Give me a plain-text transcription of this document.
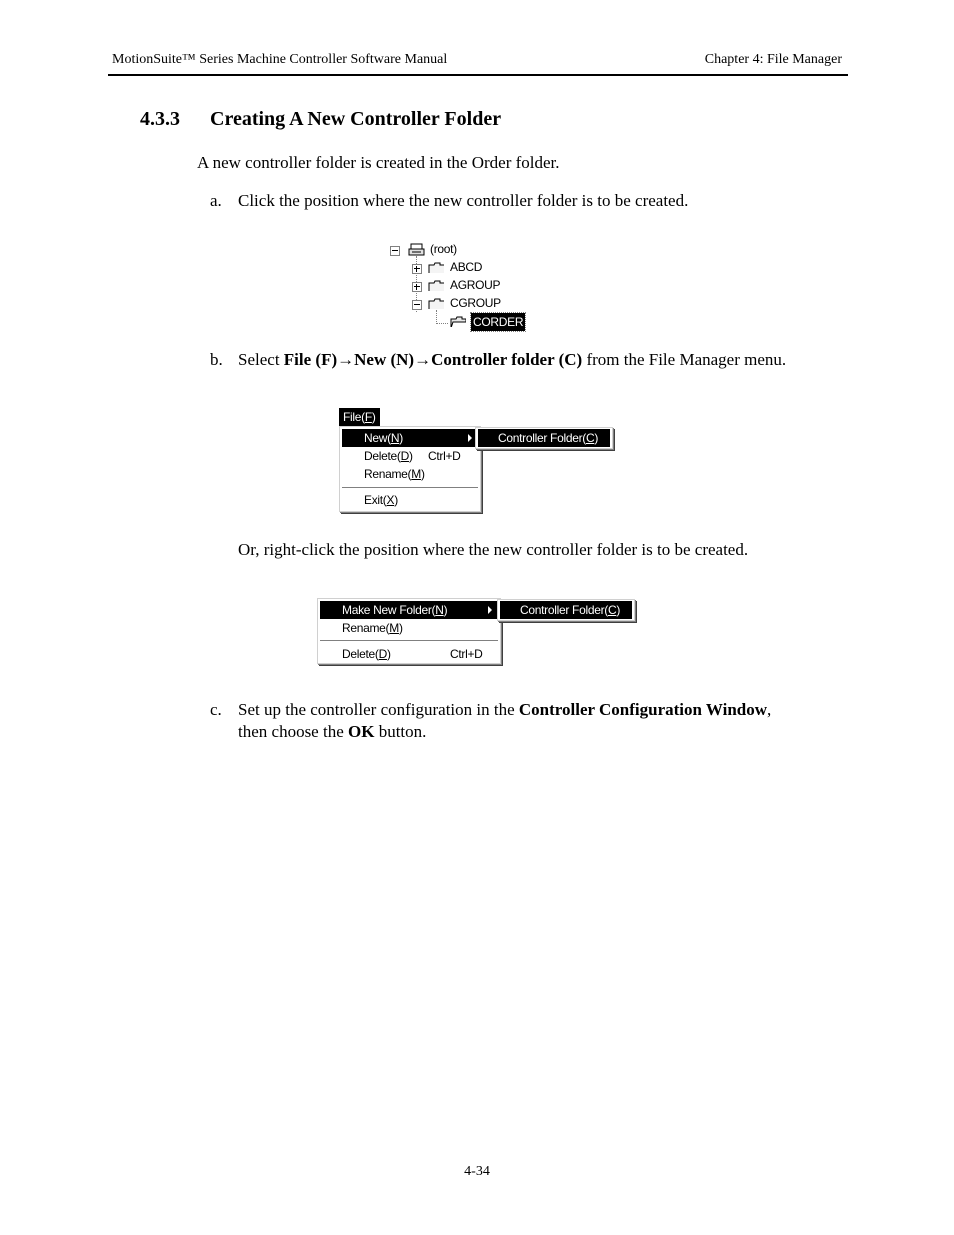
MotionSuite™ Series Machine Controller Software Manual	Chapter 4: File Manager
4.3.3 Creating A New Controller Folder
A new controller folder is created in the Order folder.
a. Click the position where the new controller folder is to be created.
(root)
ABCD
AGROUP
CGROUP
CORDER
b. Select File (F)→New (N)→Controller folder (C) from the File Manager menu.
File(F)
New(N)
Delete(D) Ctrl+D
Rename(M)
Exit(X)
Controller Folder(C)
Or, right-click the position where the new controller folder is to be created.
Make New Folder(N)
Rename(M)
Delete(D)	Ctrl+D
Controller Folder(C)
c. Set up the controller configuration in the Controller Configuration Window,
then choose the OK button.
4-34
